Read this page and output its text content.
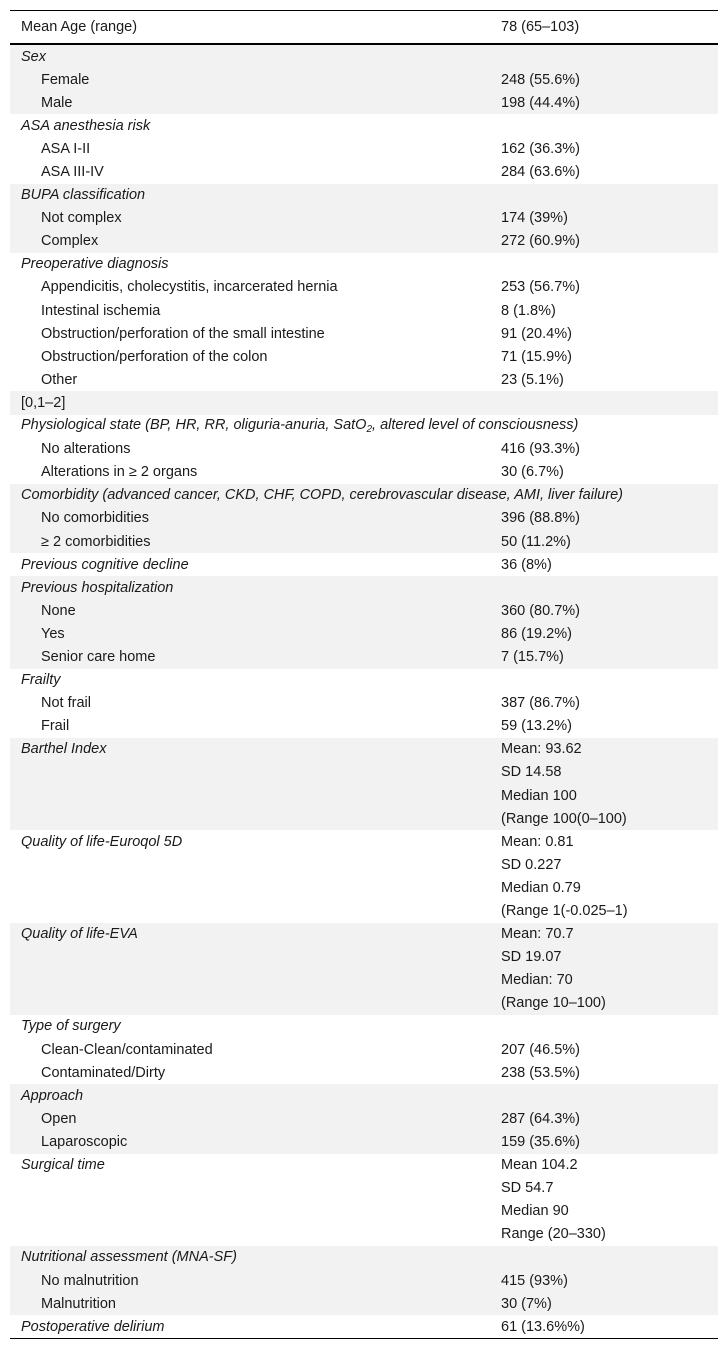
Mean Age (range)	78 (65–103)
Sex
Female	248 (55.6%)
Male	198 (44.4%)
ASA anesthesia risk
ASA I-II	162 (36.3%)
ASA III-IV	284 (63.6%)
BUPA classification
Not complex	174 (39%)
Complex	272 (60.9%)
Preoperative diagnosis
Appendicitis, cholecystitis, incarcerated hernia	253 (56.7%)
Intestinal ischemia	8 (1.8%)
Obstruction/perforation of the small intestine	91 (20.4%)
Obstruction/perforation of the colon	71 (15.9%)
Other	23 (5.1%)
[0,1–2]
Physiological state (BP, HR, RR, oliguria-anuria, SatO$_2$, altered level of consciousness)
No alterations	416 (93.3%)
Alterations in ≥ 2 organs	30 (6.7%)
Comorbidity (advanced cancer, CKD, CHF, COPD, cerebrovascular disease, AMI, liver failure)
No comorbidities	396 (88.8%)
≥ 2 comorbidities	50 (11.2%)
Previous cognitive decline	36 (8%)
Previous hospitalization
None	360 (80.7%)
Yes	86 (19.2%)
Senior care home	7 (15.7%)
Frailty
Not frail	387 (86.7%)
Frail	59 (13.2%)
Barthel Index	Mean: 93.62
SD 14.58
Median 100
(Range 100(0–100)
Quality of life-Euroqol 5D	Mean: 0.81
SD 0.227
Median 0.79
(Range 1(-0.025–1)
Quality of life-EVA	Mean: 70.7
SD 19.07
Median: 70
(Range 10–100)
Type of surgery
Clean-Clean/contaminated	207 (46.5%)
Contaminated/Dirty	238 (53.5%)
Approach
Open	287 (64.3%)
Laparoscopic	159 (35.6%)
Surgical time	Mean 104.2
SD 54.7
Median 90
Range (20–330)
Nutritional assessment (MNA-SF)
No malnutrition	415 (93%)
Malnutrition	30 (7%)
Postoperative delirium	61 (13.6%%)
